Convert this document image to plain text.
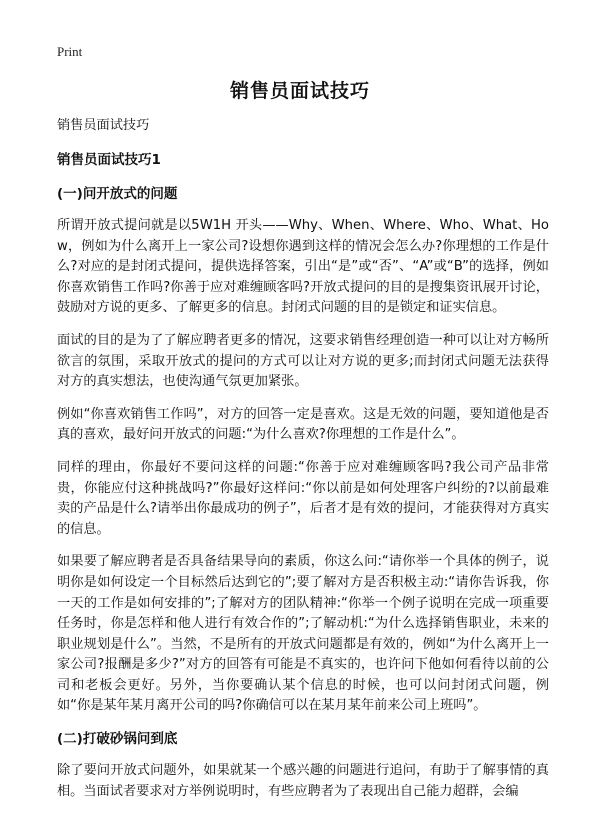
Print
销售员面试技巧
销售员面试技巧
销售员面试技巧1
(一)问开放式的问题

所谓开放式提问就是以5W1H 开头——Why、When、Where、Who、What、How，例如为什么离开上一家公司?设想你遇到这样的情况会怎么办?你理想的工作是什么?对应的是封闭式提问，提供选择答案，引出“是”或“否”、“A”或“B”的选择，例如你喜欢销售工作吗?你善于应对难缠顾客吗?开放式提问的目的是搜集资讯展开讨论，鼓励对方说的更多、了解更多的信息。封闭式问题的目的是锁定和证实信息。

面试的目的是为了了解应聘者更多的情况，这要求销售经理创造一种可以让对方畅所欲言的氛围，采取开放式的提问的方式可以让对方说的更多;而封闭式问题无法获得对方的真实想法，也使沟通气氛更加紧张。

例如“你喜欢销售工作吗”，对方的回答一定是喜欢。这是无效的问题，要知道他是否真的喜欢，最好问开放式的问题:“为什么喜欢?你理想的工作是什么”。

同样的理由，你最好不要问这样的问题:“你善于应对难缠顾客吗?我公司产品非常贵，你能应付这种挑战吗?”你最好这样问:“你以前是如何处理客户纠纷的?以前最难卖的产品是什么?请举出你最成功的例子”，后者才是有效的提问，才能获得对方真实的信息。

如果要了解应聘者是否具备结果导向的素质，你这么问:“请你举一个具体的例子，说明你是如何设定一个目标然后达到它的”;要了解对方是否积极主动:“请你告诉我，你一天的工作是如何安排的”;了解对方的团队精神:“你举一个例子说明在完成一项重要任务时，你是怎样和他人进行有效合作的”;了解动机:“为什么选择销售职业，未来的职业规划是什么”。当然，不是所有的开放式问题都是有效的，例如“为什么离开上一家公司?报酬是多少?”对方的回答有可能是不真实的，也许问下他如何看待以前的公司和老板会更好。另外，当你要确认某个信息的时候，也可以问封闭式问题，例如“你是某年某月离开公司的吗?你确信可以在某月某年前来公司上班吗”。

(二)打破砂锅问到底

除了要问开放式问题外，如果就某一个感兴趣的问题进行追问，有助于了解事情的真相。当面试者要求对方举例说明时，有些应聘者为了表现出自己能力超群，会编
